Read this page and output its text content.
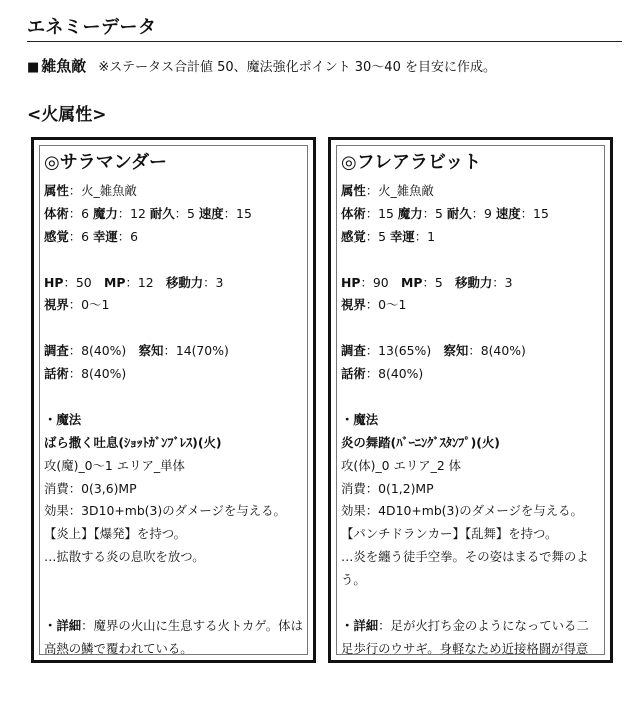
エネミーデータ
■ 雑魚敵 ※ステータス合計値 50、魔法強化ポイント 30～40 を目安に作成。
<火属性>
◎サラマンダー
属性：火_雑魚敵
体術：6 魔力：12 耐久：5 速度：15
感覚：6 幸運：6
HP：50　MP：12　移動力：3
視界：0～1
調査：8(40%)　察知：14(70%)
話術：8(40%)
・魔法
ばら撒く吐息(ｼｮｯﾄｶﾞﾝﾌﾞﾚｽ)(火)
攻(魔)_0～1 エリア_単体
消費：0(3,6)MP
効果：3D10+mb(3)のダメージを与える。
【炎上】【爆発】を持つ。
…拡散する炎の息吹を放つ。
・詳細：魔界の火山に生息する火トカゲ。体は高熱の鱗で覆われている。
◎フレアラビット
属性：火_雑魚敵
体術：15 魔力：5 耐久：9 速度：15
感覚：5 幸運：1
HP：90　MP：5　移動力：3
視界：0～1
調査：13(65%)　察知：8(40%)
話術：8(40%)
・魔法
炎の舞踏(ﾊﾞｰﾆﾝｸﾞｽﾀﾝﾌﾟ)(火)
攻(体)_0 エリア_2 体
消費：0(1,2)MP
効果：4D10+mb(3)のダメージを与える。
【パンチドランカー】【乱舞】を持つ。
…炎を纏う徒手空拳。その姿はまるで舞のよう。
・詳細：足が火打ち金のようになっている二足歩行のウサギ。身軽なため近接格闘が得意
